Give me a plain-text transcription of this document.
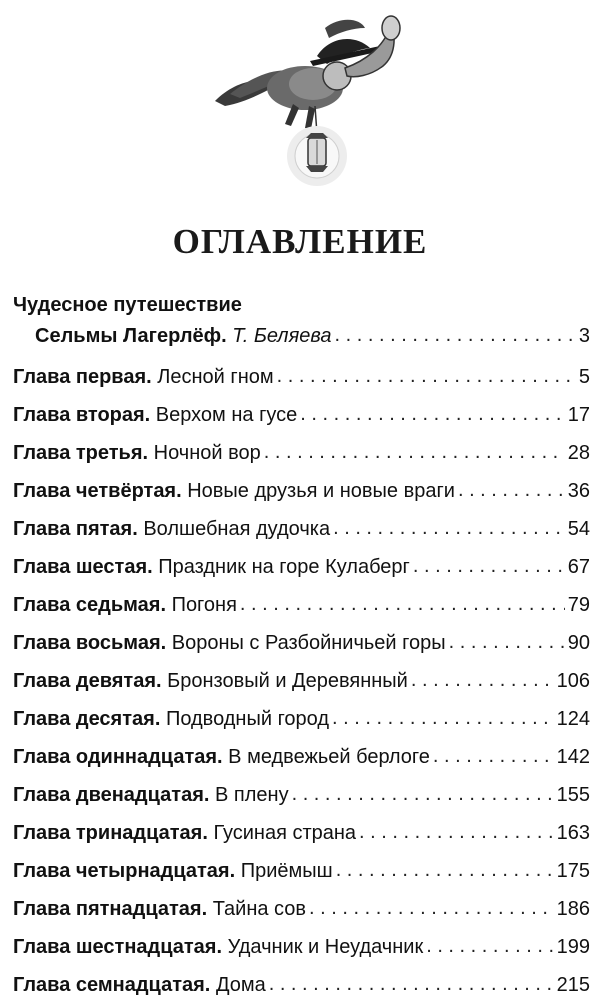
ОГЛАВЛЕНИЕ
Чудесное путешествие
Сельмы Лагерлёф.
Т. Беляева . . .	3
Глава первая.
Лесной гном . . .	5
Глава вторая.
Верхом на гусе . . .	17
Глава третья.
Ночной вор . . .	28
Глава четвёртая.
Новые друзья и новые враги . . .	36
Глава пятая.
Волшебная дудочка . . .	54
Глава шестая.
Праздник на горе Кулаберг . . .	67
Глава седьмая.
Погоня . . .	79
Глава восьмая.
Вороны с Разбойничьей горы . . .	90
Глава девятая.
Бронзовый и Деревянный . . .	106
Глава десятая.
Подводный город . . .	124
Глава одиннадцатая.
В медвежьей берлоге . . .	142
Глава двенадцатая.
В плену . . .	155
Глава тринадцатая.
Гусиная страна . . .	163
Глава четырнадцатая.
Приёмыш . . .	175
Глава пятнадцатая.
Тайна сов . . .	186
Глава шестнадцатая.
Удачник и Неудачник . . .	199
Глава семнадцатая.
Дома . . .	215
